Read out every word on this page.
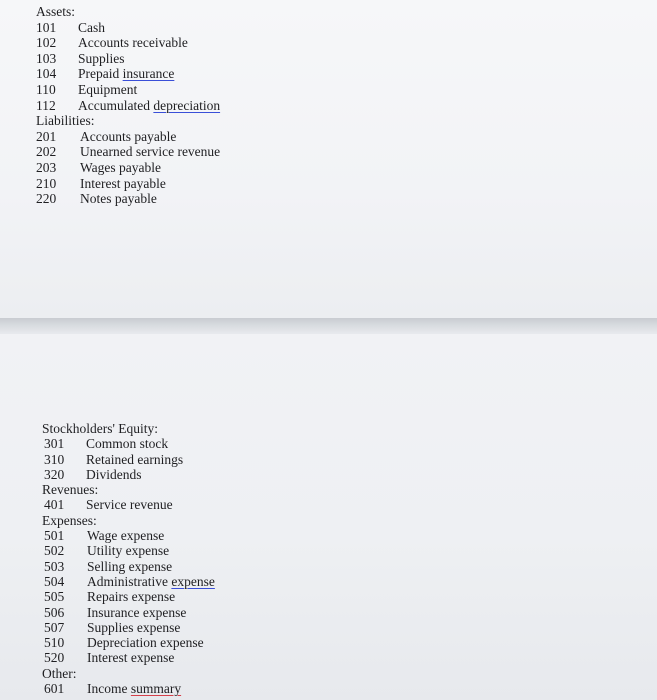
Assets:
101 Cash
102 Accounts receivable
103 Supplies
104 Prepaid insurance
110 Equipment
112 Accumulated depreciation
Liabilities:
201 Accounts payable
202 Unearned service revenue
203 Wages payable
210 Interest payable
220 Notes payable
Stockholders' Equity:
301 Common stock
310 Retained earnings
320 Dividends
Revenues:
401 Service revenue
Expenses:
501 Wage expense
502 Utility expense
503 Selling expense
504 Administrative expense
505 Repairs expense
506 Insurance expense
507 Supplies expense
510 Depreciation expense
520 Interest expense
Other:
601 Income summary
